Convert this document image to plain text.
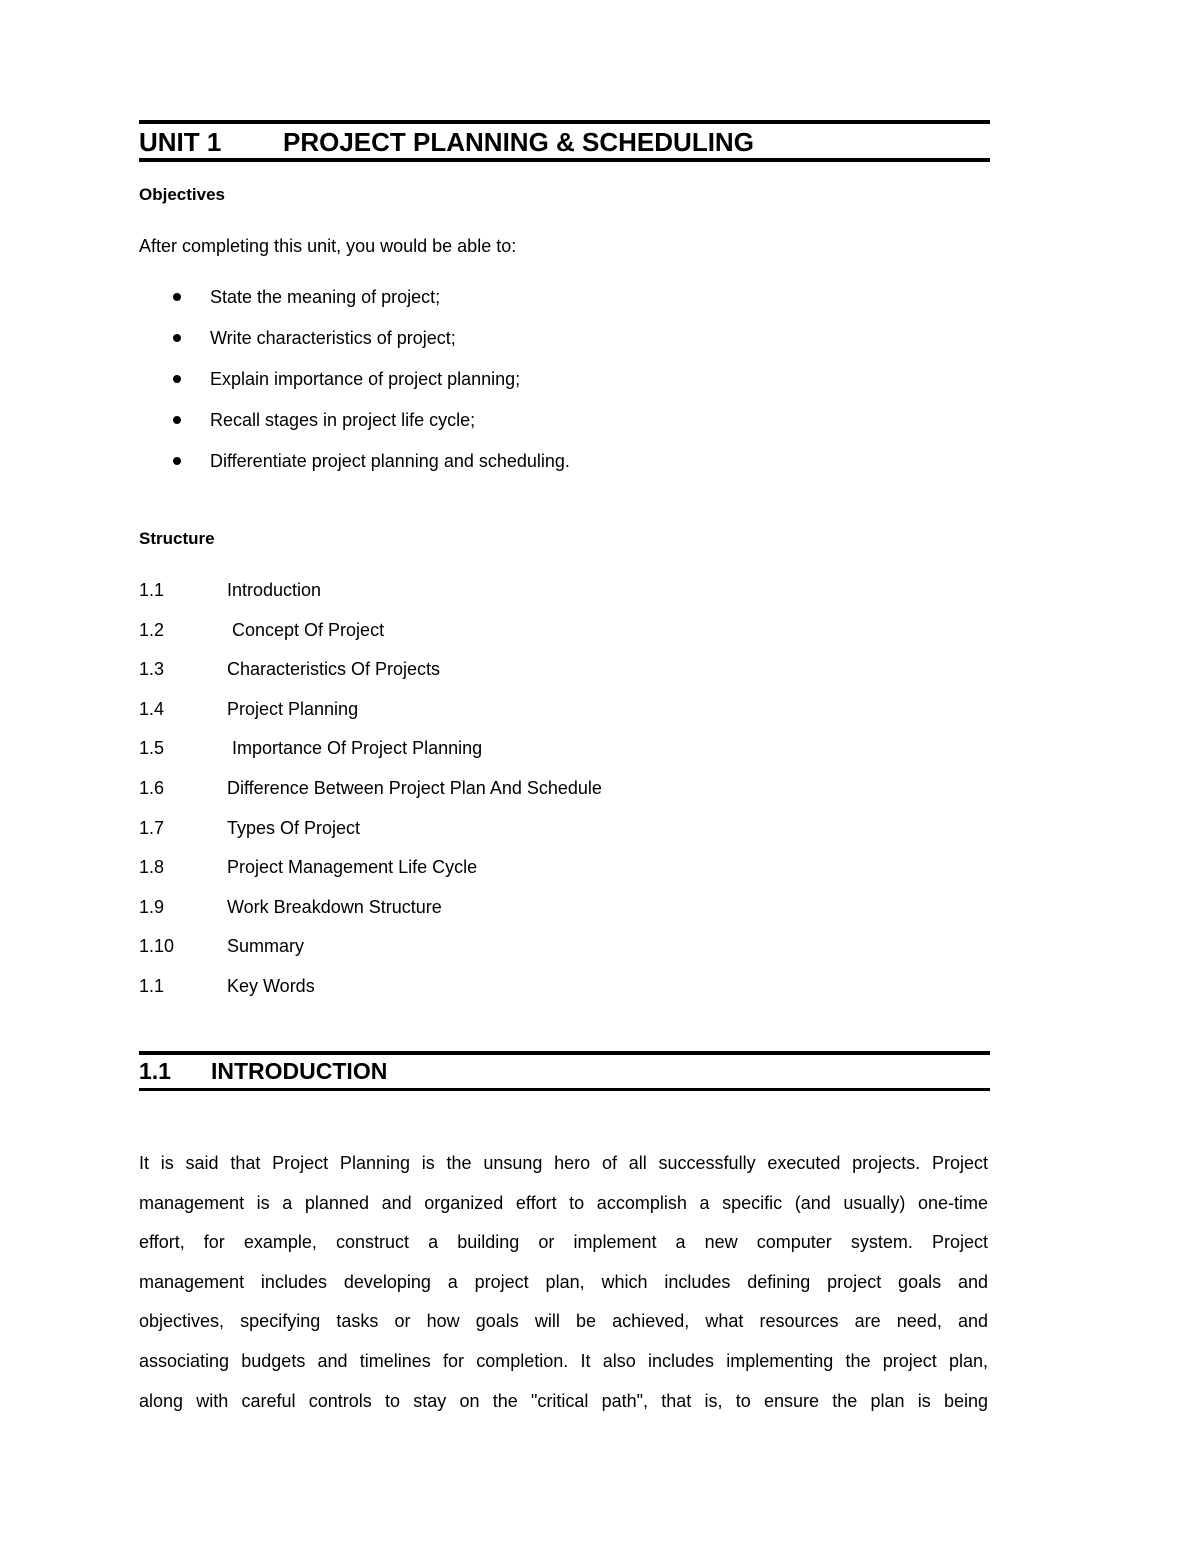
UNIT 1 PROJECT PLANNING & SCHEDULING
Objectives
After completing this unit, you would be able to:
State the meaning of project;
Write characteristics of project;
Explain importance of project planning;
Recall stages in project life cycle;
Differentiate project planning and scheduling.
Structure
1.1	Introduction
1.2	Concept Of Project
1.3	Characteristics Of Projects
1.4	Project Planning
1.5	Importance Of Project Planning
1.6	Difference Between Project Plan And Schedule
1.7	Types Of Project
1.8	Project Management Life Cycle
1.9	Work Breakdown Structure
1.10	Summary
1.1	Key Words
1.1 INTRODUCTION
It is said that Project Planning is the unsung hero of all successfully executed projects. Project
management is a planned and organized effort to accomplish a specific (and usually) one-time
effort, for example, construct a building or implement a new computer system. Project
management includes developing a project plan, which includes defining project goals and
objectives, specifying tasks or how goals will be achieved, what resources are need, and
associating budgets and timelines for completion. It also includes implementing the project plan,
along with careful controls to stay on the "critical path", that is, to ensure the plan is being
